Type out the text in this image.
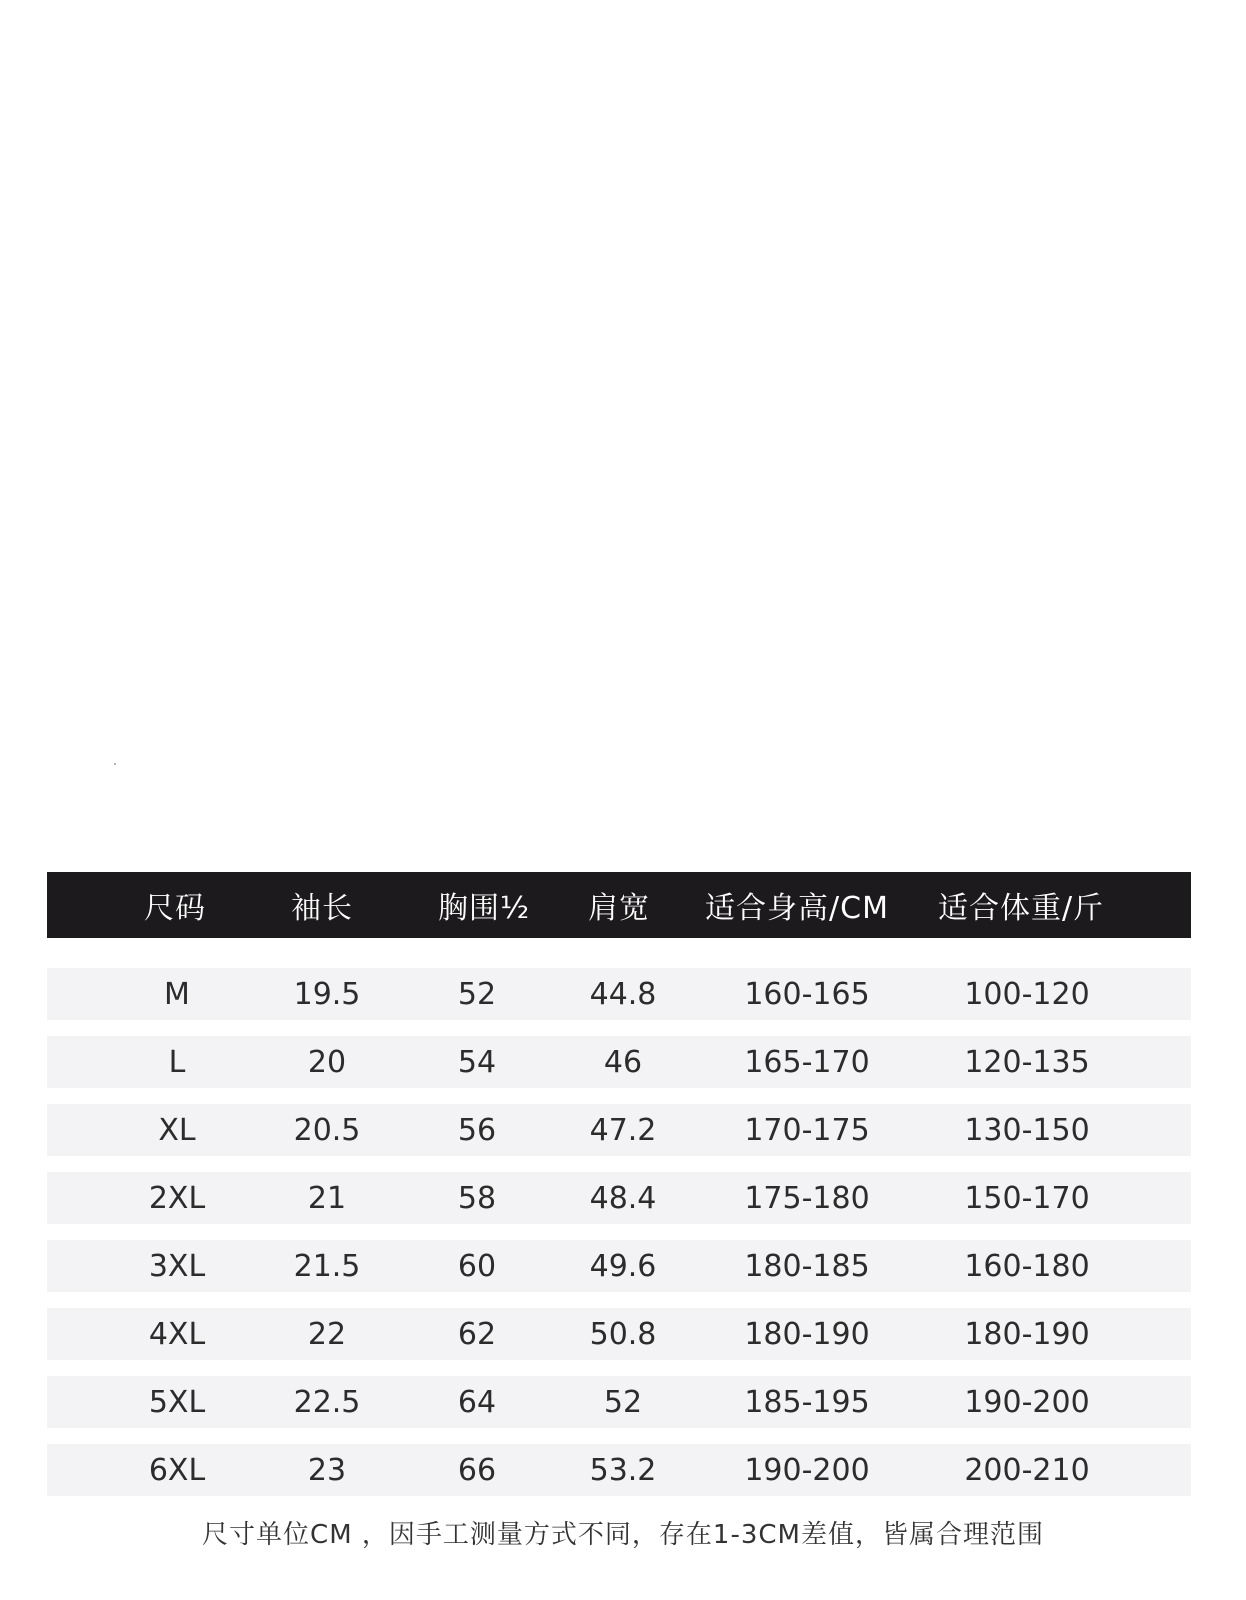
尺码	袖长	胸围½ 肩宽 适合身高/CM 适合体重/斤
M	19.5	52	44.8	160-165	100-120
L	20	54	46	165-170	120-135
XL	20.5	56	47.2	170-175	130-150
2XL	21	58	48.4	175-180	150-170
3XL	21.5	60	49.6	180-185	160-180
4XL	22	62	50.8	180-190	180-190
5XL	22.5	64	52	185-195	190-200
6XL	23	66	53.2	190-200	200-210
尺寸单位CM ，因手工测量方式不同，存在1-3CM差值，皆属合理范围
